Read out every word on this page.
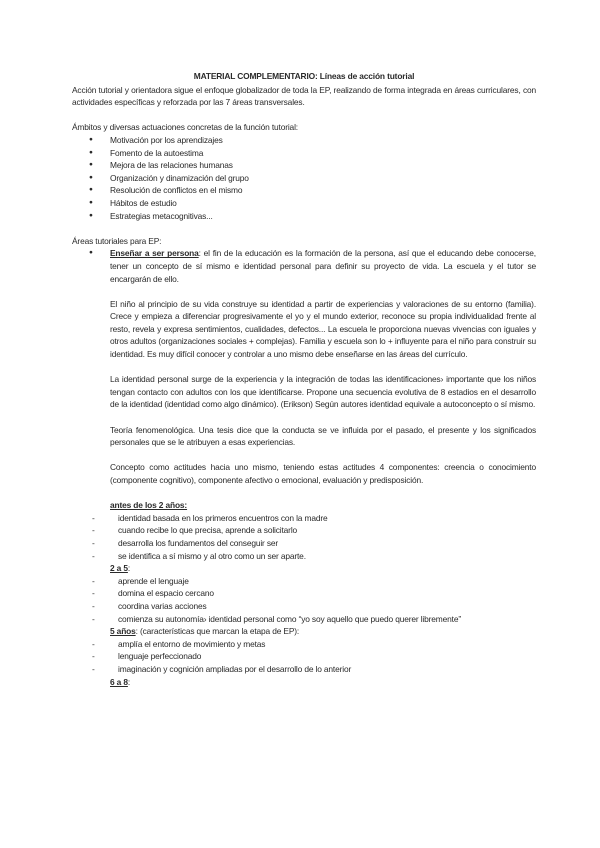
MATERIAL COMPLEMENTARIO: Líneas de acción tutorial

Acción tutorial y orientadora sigue el enfoque globalizador de toda la EP, realizando de forma integrada en áreas curriculares, con actividades específicas y reforzada por las 7 áreas transversales.

Ámbitos y diversas actuaciones concretas de la función tutorial:

● Motivación por los aprendizajes
● Fomento de la autoestima
● Mejora de las relaciones humanas
● Organización y dinamización del grupo
● Resolución de conflictos en el mismo
● Hábitos de estudio
● Estrategias metacognitivas...

Áreas tutoriales para EP:

● Enseñar a ser persona: el fin de la educación es la formación de la persona, así que el educando debe conocerse, tener un concepto de sí mismo e identidad personal para definir su proyecto de vida. La escuela y el tutor se encargarán de ello.

El niño al principio de su vida construye su identidad a partir de experiencias y valoraciones de su entorno (familia). Crece y empieza a diferenciar progresivamente el yo y el mundo exterior, reconoce su propia individualidad frente al resto, revela y expresa sentimientos, cualidades, defectos... La escuela le proporciona nuevas vivencias con iguales y otros adultos (organizaciones sociales + complejas). Familia y escuela son lo + influyente para el niño para construir su identidad. Es muy difícil conocer y controlar a uno mismo debe enseñarse en las áreas del currículo.

La identidad personal surge de la experiencia y la integración de todas las identificaciones› importante que los niños tengan contacto con adultos con los que identificarse. Propone una secuencia evolutiva de 8 estadios en el desarrollo de la identidad (identidad como algo dinámico). (Erikson) Según autores identidad equivale a autoconcepto o sí mismo.

Teoría fenomenológica. Una tesis dice que la conducta se ve influida por el pasado, el presente y los significados personales que se le atribuyen a esas experiencias.

Concepto como actitudes hacia uno mismo, teniendo estas actitudes 4 componentes: creencia o conocimiento (componente cognitivo), componente afectivo o emocional, evaluación y predisposición.

antes de los 2 años:

- identidad basada en los primeros encuentros con la madre
- cuando recibe lo que precisa, aprende a solicitarlo
- desarrolla los fundamentos del conseguir ser
- se identifica a sí mismo y al otro como un ser aparte.

2 a 5:

- aprende el lenguaje
- domina el espacio cercano
- coordina varias acciones
- comienza su autonomía› identidad personal como “yo soy aquello que puedo querer libremente”

5 años: (características que marcan la etapa de EP):

- amplía el entorno de movimiento y metas
- lenguaje perfeccionado
- imaginación y cognición ampliadas por el desarrollo de lo anterior

6 a 8:
